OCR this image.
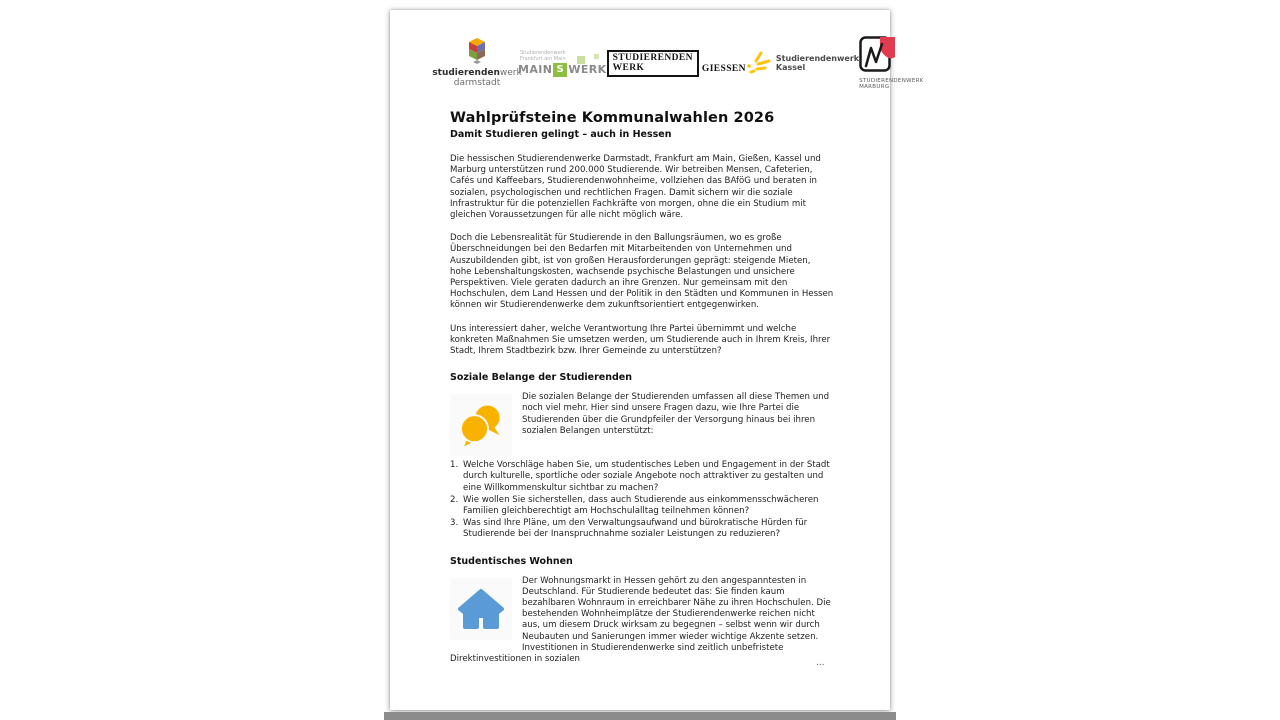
studierendenwerk
darmstadt
Studierendenwerk
Frankfurt am Main
MAIN S WERK
STUDIERENDEN
WERK	GIESSEN
Studierendenwerk
Kassel
STUDIERENDENWERK
MARBURG
Wahlprüfsteine Kommunalwahlen 2026
Damit Studieren gelingt – auch in Hessen

Die hessischen Studierendenwerke Darmstadt, Frankfurt am Main, Gießen, Kassel und Marburg unterstützen rund 200.000 Studierende. Wir betreiben Mensen, Cafeterien, Cafés und Kaffeebars, Studierendenwohnheime, vollziehen das BAföG und beraten in sozialen, psychologischen und rechtlichen Fragen. Damit sichern wir die soziale Infrastruktur für die potenziellen Fachkräfte von morgen, ohne die ein Studium mit gleichen Voraussetzungen für alle nicht möglich wäre.

Doch die Lebensrealität für Studierende in den Ballungsräumen, wo es große Überschneidungen bei den Bedarfen mit Mitarbeitenden von Unternehmen und Auszubildenden gibt, ist von großen Herausforderungen geprägt: steigende Mieten, hohe Lebenshaltungskosten, wachsende psychische Belastungen und unsichere Perspektiven. Viele geraten dadurch an ihre Grenzen. Nur gemeinsam mit den Hochschulen, dem Land Hessen und der Politik in den Städten und Kommunen in Hessen können wir Studierendenwerke dem zukunftsorientiert entgegenwirken.

Uns interessiert daher, welche Verantwortung Ihre Partei übernimmt und welche konkreten Maßnahmen Sie umsetzen werden, um Studierende auch in Ihrem Kreis, Ihrer Stadt, Ihrem Stadtbezirk bzw. Ihrer Gemeinde zu unterstützen?

Soziale Belange der Studierenden
Die sozialen Belange der Studierenden umfassen all diese Themen und noch viel mehr. Hier sind unsere Fragen dazu, wie Ihre Partei die Studierenden über die Grundpfeiler der Versorgung hinaus bei ihren sozialen Belangen unterstützt:
1. Welche Vorschläge haben Sie, um studentisches Leben und Engagement in der Stadt durch kulturelle, sportliche oder soziale Angebote noch attraktiver zu gestalten und eine Willkommenskultur sichtbar zu machen?
2. Wie wollen Sie sicherstellen, dass auch Studierende aus einkommensschwächeren Familien gleichberechtigt am Hochschulalltag teilnehmen können?
3. Was sind Ihre Pläne, um den Verwaltungsaufwand und bürokratische Hürden für Studierende bei der Inanspruchnahme sozialer Leistungen zu reduzieren?
Studentisches Wohnen
Der Wohnungsmarkt in Hessen gehört zu den angespanntesten in Deutschland. Für Studierende bedeutet das: Sie finden kaum bezahlbaren Wohnraum in erreichbarer Nähe zu ihren Hochschulen. Die bestehenden Wohnheimplätze der Studierendenwerke reichen nicht aus, um diesem Druck wirksam zu begegnen – selbst wenn wir durch Neubauten und Sanierungen immer wieder wichtige Akzente setzen. Investitionen in Studierendenwerke sind zeitlich unbefristete Direktinvestitionen in sozialen	...
